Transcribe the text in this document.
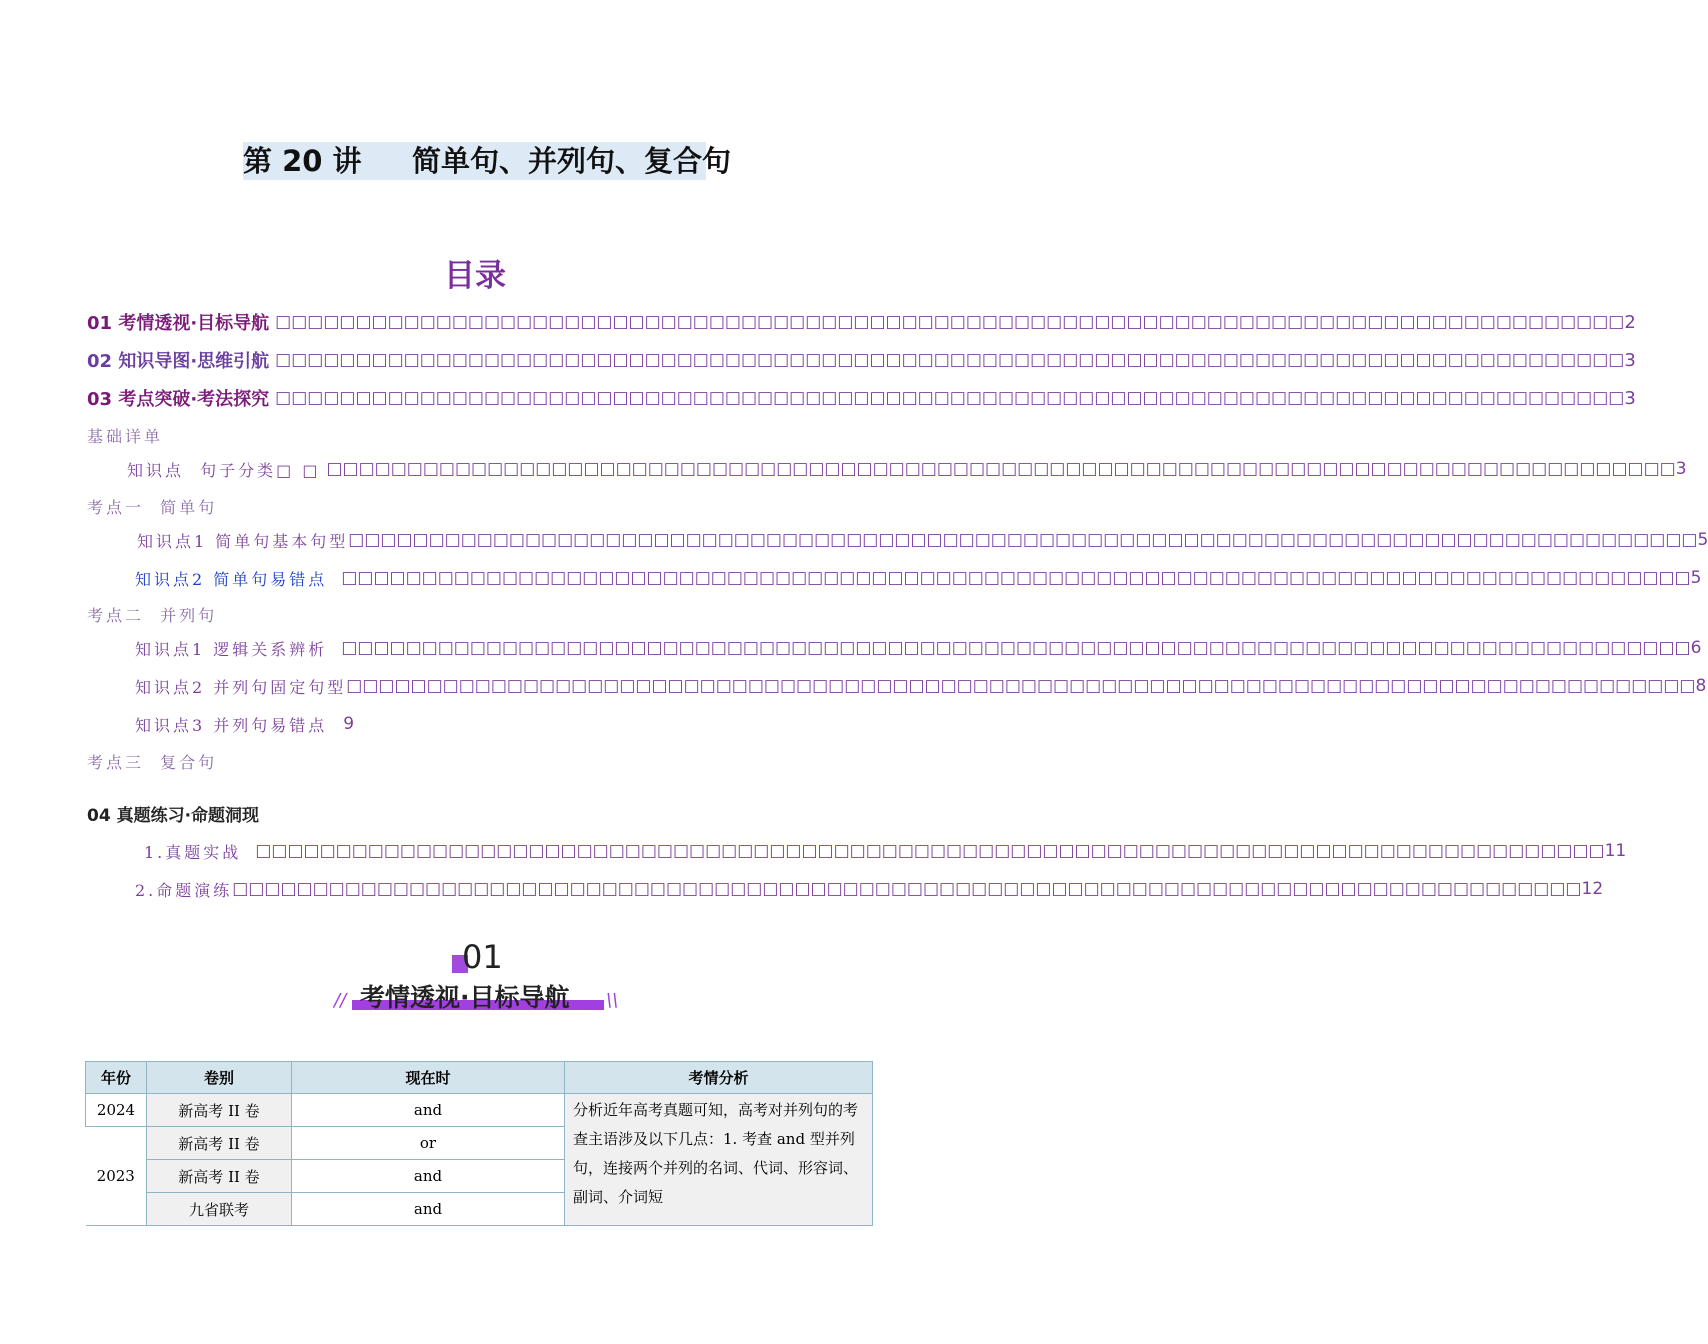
第 20 讲     简单句、并列句、复合句
目录
01 考情透视·目标导航 □□□□□□□□□□□□□□□□□□□□□□□□□□□□□□□□□□□□□□□□□□□□□□□□□□□□□□□□□□□□□□□□□□□□□□□□□□□□□□□□□□□□ 2
02 知识导图·思维引航 □□□□□□□□□□□□□□□□□□□□□□□□□□□□□□□□□□□□□□□□□□□□□□□□□□□□□□□□□□□□□□□□□□□□□□□□□□□□□□□□□□□□ 3
03 考点突破·考法探究 □□□□□□□□□□□□□□□□□□□□□□□□□□□□□□□□□□□□□□□□□□□□□□□□□□□□□□□□□□□□□□□□□□□□□□□□□□□□□□□□□□□□ 3
基础详单
知识点  句子分类□ □ □□□□□□□□□□□□□□□□□□□□□□□□□□□□□□□□□□□□□□□□□□□□□□□□□□□□□□□□□□□□□□□□□□□□□□□□□□□□□□□□□□□□ 3
考点一  简单句
知识点1 简单句基本句型 □□□□□□□□□□□□□□□□□□□□□□□□□□□□□□□□□□□□□□□□□□□□□□□□□□□□□□□□□□□□□□□□□□□□□□□□□□□□□□□□□□□□ 5
知识点2 简单句易错点 □□□□□□□□□□□□□□□□□□□□□□□□□□□□□□□□□□□□□□□□□□□□□□□□□□□□□□□□□□□□□□□□□□□□□□□□□□□□□□□□□□□□ 5
考点二  并列句
知识点1 逻辑关系辨析 □□□□□□□□□□□□□□□□□□□□□□□□□□□□□□□□□□□□□□□□□□□□□□□□□□□□□□□□□□□□□□□□□□□□□□□□□□□□□□□□□□□□ 6
知识点2 并列句固定句型 □□□□□□□□□□□□□□□□□□□□□□□□□□□□□□□□□□□□□□□□□□□□□□□□□□□□□□□□□□□□□□□□□□□□□□□□□□□□□□□□□□□□ 8
知识点3 并列句易错点 9
考点三  复合句
04 真题练习·命题洞现
1.真题实战 □□□□□□□□□□□□□□□□□□□□□□□□□□□□□□□□□□□□□□□□□□□□□□□□□□□□□□□□□□□□□□□□□□□□□□□□□□□□□□□□□□□□ 11
2.命题演练 □□□□□□□□□□□□□□□□□□□□□□□□□□□□□□□□□□□□□□□□□□□□□□□□□□□□□□□□□□□□□□□□□□□□□□□□□□□□□□□□□□□□ 12
01
//	\\
考情透视·目标导航
年份	卷别	现在时	考情分析
2024	新高考 II 卷	and	分析近年高考真题可知，高考对并列句的考查主语涉及以下几点：1. 考查 and 型并列句，连接两个并列的名词、代词、形容词、副词、介词短
2023	新高考 II 卷	or	
	新高考 II 卷	and	
	九省联考	and	
